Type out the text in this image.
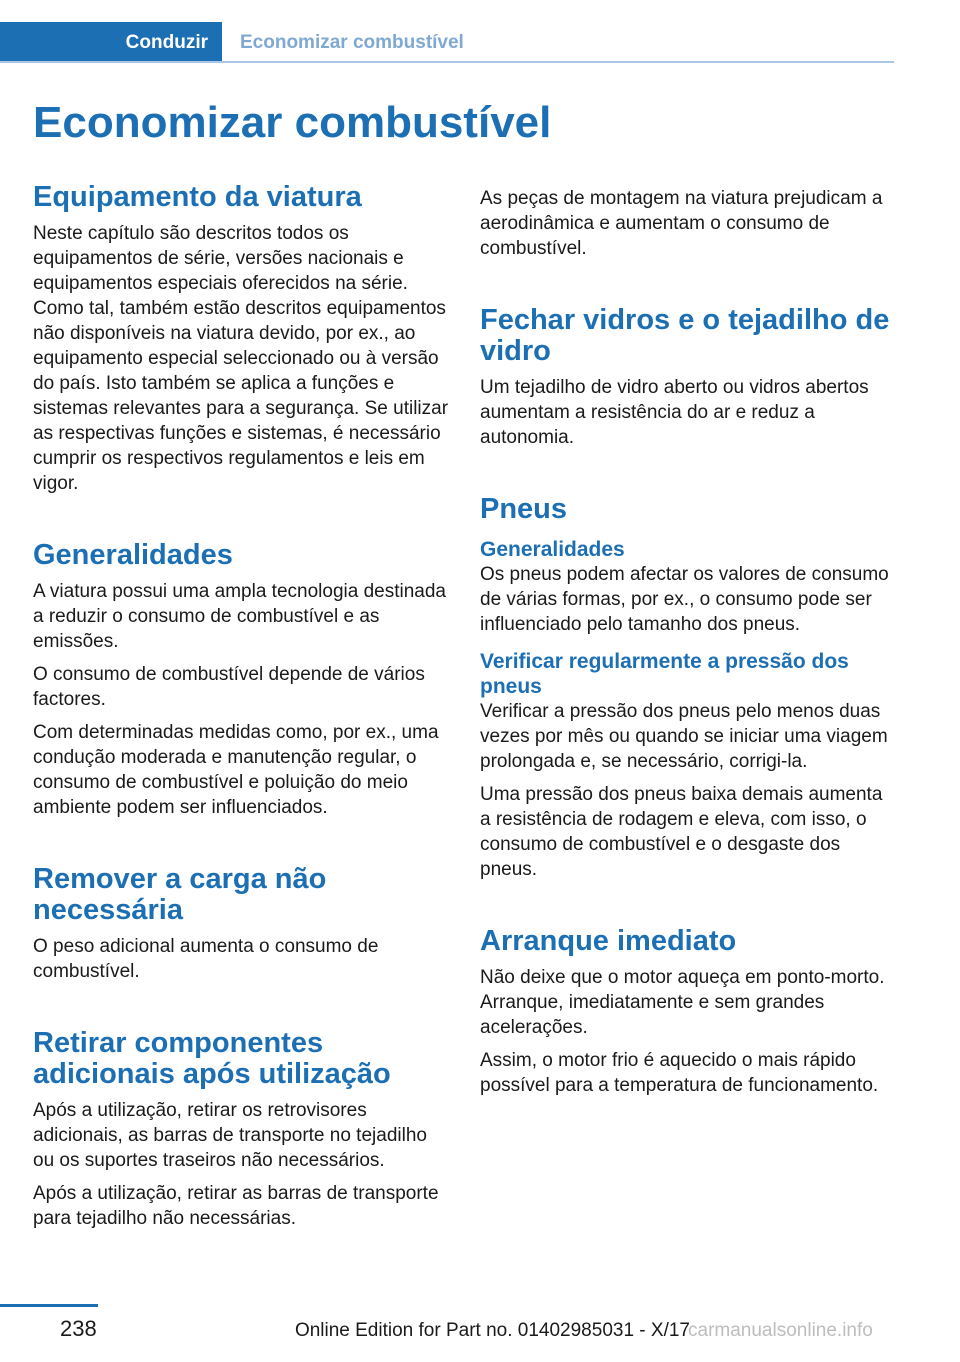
Conduzir	Economizar combustível
Economizar combustível
Equipamento da viatura

Neste capítulo são descritos todos os equipamentos de série, versões nacionais e equipamentos especiais oferecidos na série. Como tal, também estão descritos equipamentos não disponíveis na viatura devido, por ex., ao equipamento especial seleccionado ou à versão do país. Isto também se aplica a funções e sistemas relevantes para a segurança. Se utilizar as respectivas funções e sistemas, é necessário cumprir os respectivos regulamentos e leis em vigor.

Generalidades

A viatura possui uma ampla tecnologia destinada a reduzir o consumo de combustível e as emissões.

O consumo de combustível depende de vários factores.

Com determinadas medidas como, por ex., uma condução moderada e manutenção regular, o consumo de combustível e poluição do meio ambiente podem ser influenciados.

Remover a carga não necessária

O peso adicional aumenta o consumo de combustível.

Retirar componentes adicionais após utilização

Após a utilização, retirar os retrovisores adicionais, as barras de transporte no tejadilho ou os suportes traseiros não necessários.

Após a utilização, retirar as barras de transporte para tejadilho não necessárias.

As peças de montagem na viatura prejudicam a aerodinâmica e aumentam o consumo de combustível.

Fechar vidros e o tejadilho de vidro

Um tejadilho de vidro aberto ou vidros abertos aumentam a resistência do ar e reduz a autonomia.

Pneus
Generalidades

Os pneus podem afectar os valores de consumo de várias formas, por ex., o consumo pode ser influenciado pelo tamanho dos pneus.

Verificar regularmente a pressão dos pneus

Verificar a pressão dos pneus pelo menos duas vezes por mês ou quando se iniciar uma viagem prolongada e, se necessário, corrigi-la.

Uma pressão dos pneus baixa demais aumenta a resistência de rodagem e eleva, com isso, o consumo de combustível e o desgaste dos pneus.

Arranque imediato

Não deixe que o motor aqueça em ponto-morto. Arranque, imediatamente e sem grandes acelerações.

Assim, o motor frio é aquecido o mais rápido possível para a temperatura de funcionamento.

238	Online Edition for Part no. 01402985031 - X/17
carmanualsonline.info
